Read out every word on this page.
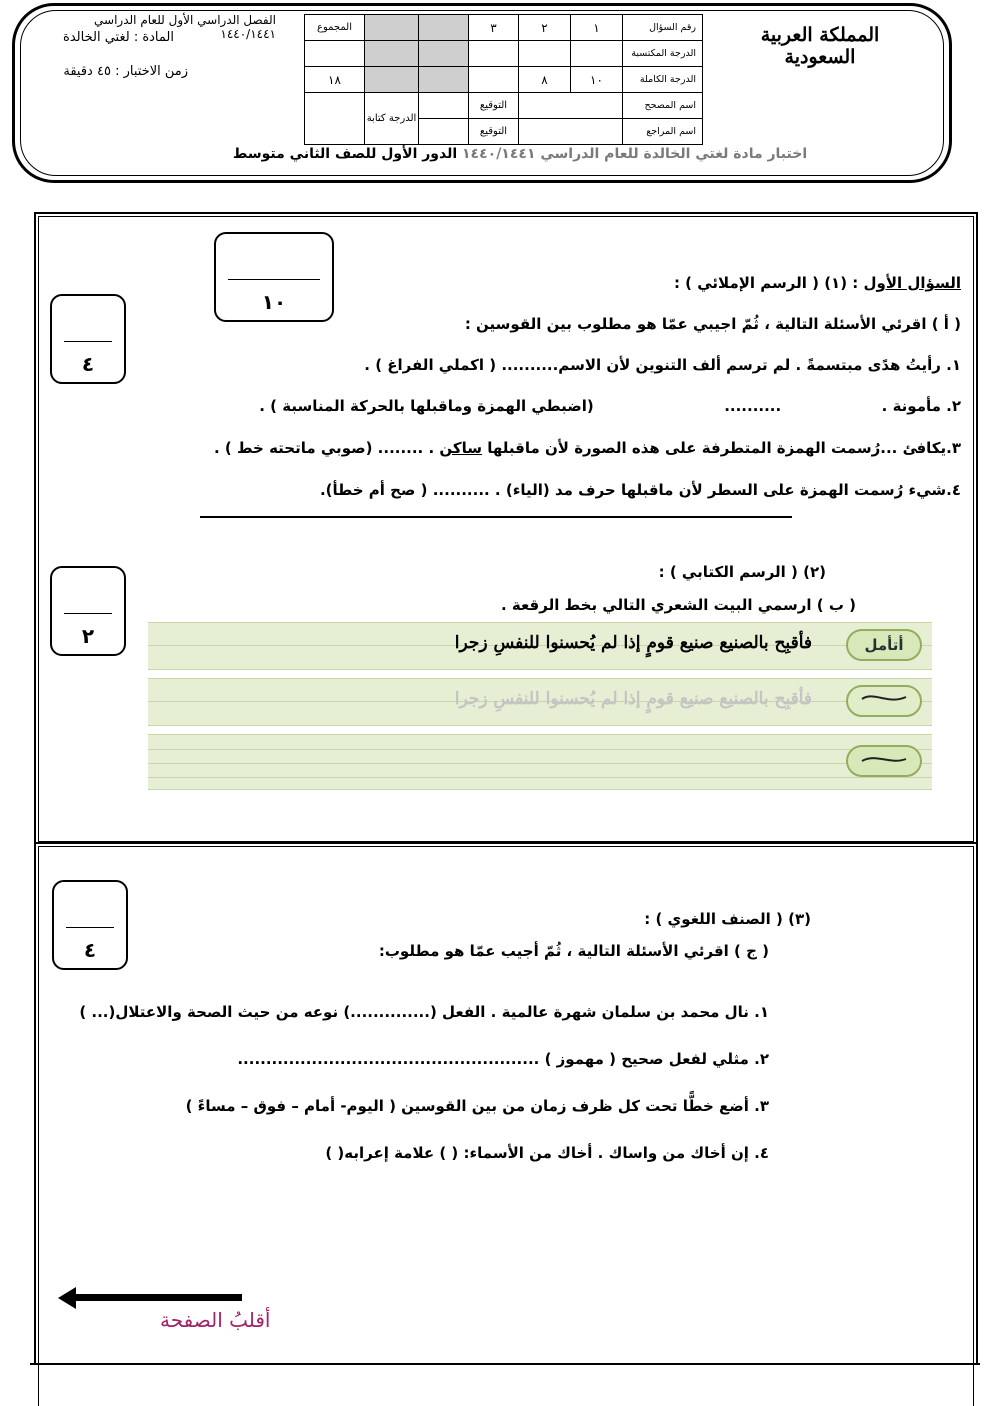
المملكة العربية السعودية
الفصل الدراسي الأول للعام الدراسي ١٤٤٠/١٤٤١
المادة : لغتي الخالدة
زمن الاختبار : ٤٥ دقيقة
رقم السؤال	١	٢	٣			المجموع
الدرجة المكتسبة						
الدرجة الكاملة	١٠	٨				١٨
اسم المصحح			التوقيع		الدرجة كتابة	
اسم المراجع			التوقيع			
اختبار مادة لغتي الخالدة للعام الدراسي ١٤٤٠/١٤٤١ الدور الأول للصف الثاني متوسط
١٠
٤
السؤال الأول : (١) ( الرسم الإملائي ) :
( أ ) اقرئي الأسئلة التالية ، ثُمّ اجيبي عمّا هو مطلوب بين القوسين :
١. رأيتُ هدًى مبتسمةً . لم ترسم ألف التنوين لأن الاسم.......... ( اكملي الفراغ ) .
٢. مأمونة .  ..........  (اضبطي الهمزة وماقبلها بالحركة المناسبة ) .
٣.يكافئ ...رُسمت الهمزة المتطرفة على هذه الصورة لأن ماقبلها ساكن . ........ (صوبي ماتحته خط ) .
٤.شيء رُسمت الهمزة على السطر لأن ماقبلها حرف مد (الياء) . .......... ( صح أم خطأ).
٢
(٢) ( الرسم الكتابي ) :
( ب ) ارسمي البيت الشعري التالي بخط الرقعة .
أتأمل
فأقبِح بالصنيع صنيع قومٍ إذا لم يُحسنوا للنفسِ زجرا
فأقبِح بالصنيع صنيع قومٍ إذا لم يُحسنوا للنفسِ زجرا
٤
(٣) ( الصنف اللغوي ) :
( ج ) اقرئي الأسئلة التالية ، ثُمّ أجيب عمّا هو مطلوب:
١. نال محمد بن سلمان شهرة عالمية . الفعل (..............) نوعه من حيث الصحة والاعتلال(... )
٢. مثلي لفعل صحيح ( مهموز ) .....................................................
٣. أضع خطًّا تحت كل ظرف زمان من بين القوسين ( اليوم- أمام – فوق – مساءً )
٤. إن أخاك من واساك . أخاك من الأسماء: ( ) علامة إعرابه( )
أقلبُ الصفحة
